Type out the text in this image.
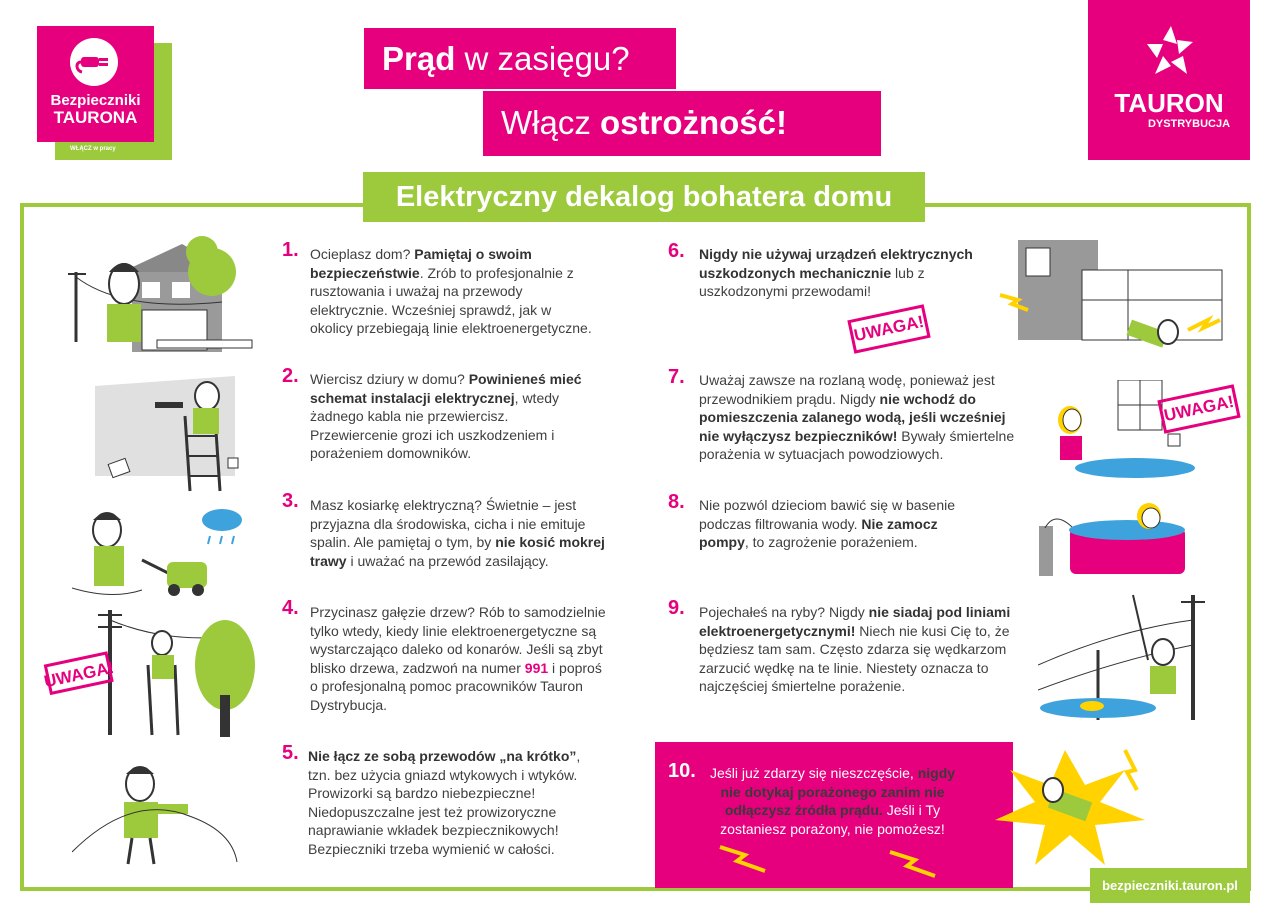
Bezpieczniki
TAURONA
WŁĄCZ w pracy
Prąd w zasięgu?
Włącz ostrożność!
TAURON
DYSTRYBUCJA
Elektryczny dekalog bohatera domu
UWAGA!
UWAGA!
UWAGA!
1. Ocieplasz dom? Pamiętaj o swoim bezpieczeństwie. Zrób to profesjonalnie z rusztowania i uważaj na przewody elektrycznie. Wcześniej sprawdź, jak w okolicy przebiegają linie elektroenergetyczne.
2. Wiercisz dziury w domu? Powinieneś mieć schemat instalacji elektrycznej, wtedy żadnego kabla nie przewiercisz. Przewiercenie grozi ich uszkodzeniem i porażeniem domowników.
3. Masz kosiarkę elektryczną? Świetnie – jest przyjazna dla środowiska, cicha i nie emituje spalin. Ale pamiętaj o tym, by nie kosić mokrej trawy i uważać na przewód zasilający.
4. Przycinasz gałęzie drzew? Rób to samodzielnie tylko wtedy, kiedy linie elektroenergetyczne są wystarczająco daleko od konarów. Jeśli są zbyt blisko drzewa, zadzwoń na numer 991 i poproś o profesjonalną pomoc pracowników Tauron Dystrybucja.
5. Nie łącz ze sobą przewodów „na krótko”, tzn. bez użycia gniazd wtykowych i wtyków. Prowizorki są bardzo niebezpieczne! Niedopuszczalne jest też prowizoryczne naprawianie wkładek bezpiecznikowych! Bezpieczniki trzeba wymienić w całości.
6. Nigdy nie używaj urządzeń elektrycznych uszkodzonych mechanicznie lub z uszkodzonymi przewodami!
7. Uważaj zawsze na rozlaną wodę, ponieważ jest przewodnikiem prądu. Nigdy nie wchodź do pomieszczenia zalanego wodą, jeśli wcześniej nie wyłączysz bezpieczników! Bywały śmiertelne porażenia w sytuacjach powodziowych.
8. Nie pozwól dzieciom bawić się w basenie podczas filtrowania wody. Nie zamocz pompy, to zagrożenie porażeniem.
9. Pojechałeś na ryby? Nigdy nie siadaj pod liniami elektroenergetycznymi! Niech nie kusi Cię to, że będziesz tam sam. Często zdarza się wędkarzom zarzucić wędkę na te linie. Niestety oznacza to najczęściej śmiertelne porażenie.
10.	Jeśli już zdarzy się nieszczęście, nigdy nie dotykaj porażonego zanim nie odłączysz źródła prądu. Jeśli i Ty zostaniesz porażony, nie pomożesz!
bezpieczniki.tauron.pl
